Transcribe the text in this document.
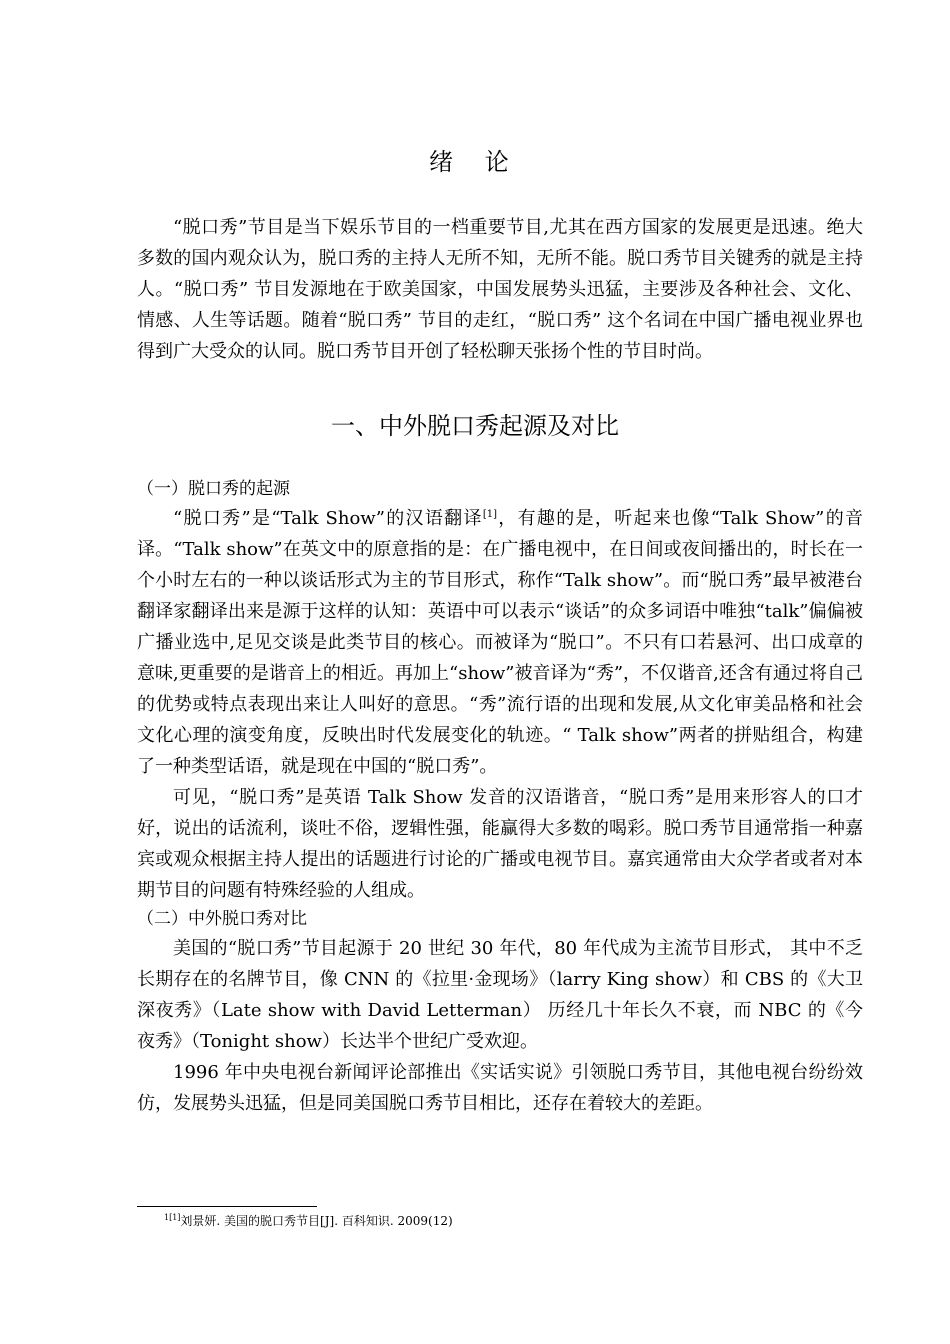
绪 论

“脱口秀”节目是当下娱乐节目的一档重要节目,尤其在西方国家的发展更是迅速。绝大多数的国内观众认为，脱口秀的主持人无所不知，无所不能。脱口秀节目关键秀的就是主持人。“脱口秀” 节目发源地在于欧美国家，中国发展势头迅猛，主要涉及各种社会、文化、情感、人生等话题。随着“脱口秀” 节目的走红，“脱口秀” 这个名词在中国广播电视业界也得到广大受众的认同。脱口秀节目开创了轻松聊天张扬个性的节目时尚。

一、中外脱口秀起源及对比
（一）脱口秀的起源

“脱口秀”是“Talk Show”的汉语翻译[1]，有趣的是，听起来也像“Talk Show”的音译。“Talk show”在英文中的原意指的是：在广播电视中，在日间或夜间播出的，时长在一个小时左右的一种以谈话形式为主的节目形式，称作“Talk show”。而“脱口秀”最早被港台翻译家翻译出来是源于这样的认知：英语中可以表示“谈话”的众多词语中唯独“talk”偏偏被广播业选中,足见交谈是此类节目的核心。而被译为“脱口”。不只有口若悬河、出口成章的意味,更重要的是谐音上的相近。再加上“show”被音译为“秀”，不仅谐音,还含有通过将自己的优势或特点表现出来让人叫好的意思。“秀”流行语的出现和发展,从文化审美品格和社会文化心理的演变角度，反映出时代发展变化的轨迹。“ Talk show”两者的拼贴组合，构建了一种类型话语，就是现在中国的“脱口秀”。

可见，“脱口秀”是英语 Talk Show 发音的汉语谐音，“脱口秀”是用来形容人的口才好，说出的话流利，谈吐不俗，逻辑性强，能赢得大多数的喝彩。脱口秀节目通常指一种嘉宾或观众根据主持人提出的话题进行讨论的广播或电视节目。嘉宾通常由大众学者或者对本期节目的问题有特殊经验的人组成。

（二）中外脱口秀对比

美国的“脱口秀”节目起源于 20 世纪 30 年代，80 年代成为主流节目形式， 其中不乏长期存在的名牌节目，像 CNN 的《拉里·金现场》（larry King show）和 CBS 的《大卫深夜秀》（Late show with David Letterman） 历经几十年长久不衰，而 NBC 的《今夜秀》（Tonight show）长达半个世纪广受欢迎。

1996 年中央电视台新闻评论部推出《实话实说》引领脱口秀节目，其他电视台纷纷效仿，发展势头迅猛，但是同美国脱口秀节目相比，还存在着较大的差距。

$^{1[1]}$刘景妍. 美国的脱口秀节目[J]. 百科知识. 2009(12)
